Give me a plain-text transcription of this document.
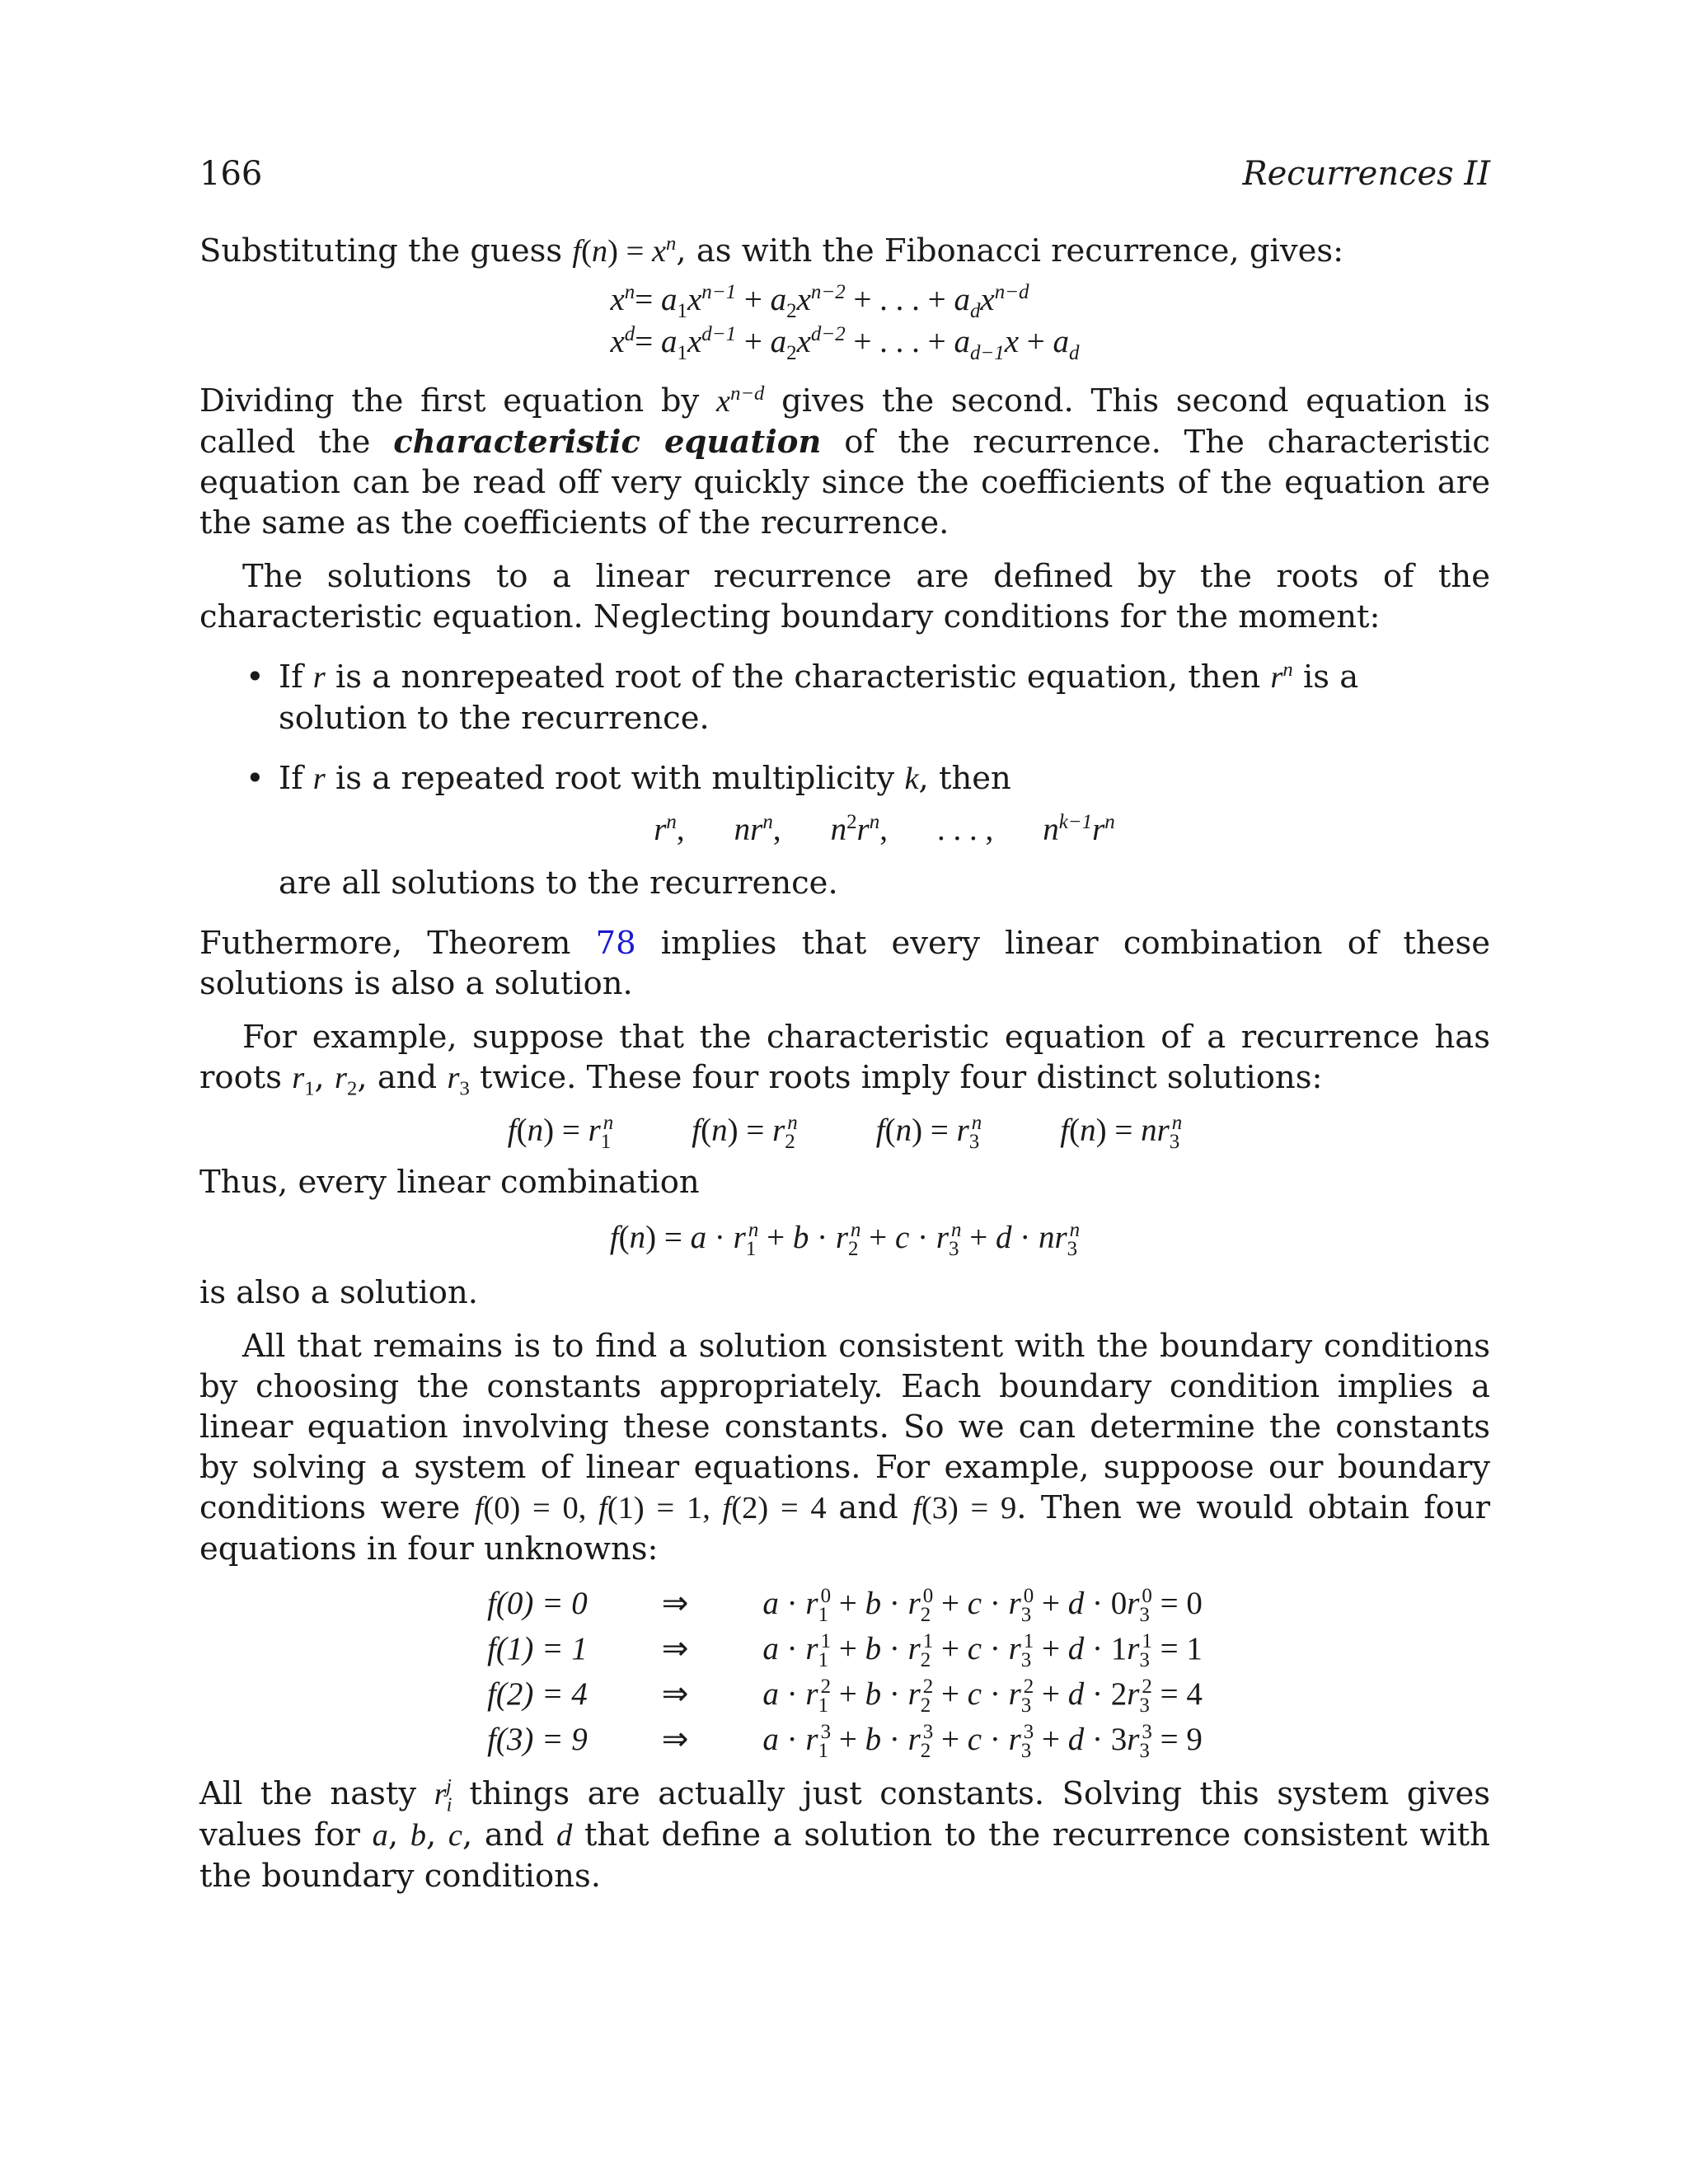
166	Recurrences II

Substituting the guess $f(n) = x^n$, as with the Fibonacci recurrence, gives:

$x^n$	= $a_1x^{n-1} + a_2x^{n-2}$ + . . . + $a_dx^{n-d}$
$x^d$	= $a_1x^{d-1} + a_2x^{d-2}$ + . . . + $a_{d-1}x + a_d$

Dividing the first equation by $x^{n-d}$ gives the second. This second equation is called the characteristic equation of the recurrence. The characteristic equation can be read off very quickly since the coefficients of the equation are the same as the coefficients of the recurrence.

The solutions to a linear recurrence are defined by the roots of the characteristic equation. Neglecting boundary conditions for the moment:

• If r is a nonrepeated root of the characteristic equation, then $r^n$ is a solution to the recurrence.
• If r is a repeated root with multiplicity k, then
$r^n$, $nr^n$, $n^2r^n$, . . . , $n^{k-1}r^n$
are all solutions to the recurrence.

Futhermore, Theorem 78 implies that every linear combination of these solutions is also a solution.

For example, suppose that the characteristic equation of a recurrence has roots $r_1$, $r_2$, and $r_3$ twice. These four roots imply four distinct solutions:

$f(n) = r_1^n$ $f(n) = r_2^n$ $f(n) = r_3^n$ $f(n) = nr_3^n$

Thus, every linear combination

$f(n) = a \cdot r_1^n + b \cdot r_2^n + c \cdot r_3^n + d \cdot nr_3^n$

is also a solution.

All that remains is to find a solution consistent with the boundary conditions by choosing the constants appropriately. Each boundary condition implies a linear equation involving these constants. So we can determine the constants by solving a system of linear equations. For example, suppoose our boundary conditions were f(0) = 0, f(1) = 1, f(2) = 4 and f(3) = 9. Then we would obtain four equations in four unknowns:

f(0) = 0	⇒	$a \cdot r_1^0 + b \cdot r_2^0 + c \cdot r_3^0 + d \cdot 0r_3^0 = 0$
f(1) = 1	⇒	$a \cdot r_1^1 + b \cdot r_2^1 + c \cdot r_3^1 + d \cdot 1r_3^1 = 1$
f(2) = 4	⇒	$a \cdot r_1^2 + b \cdot r_2^2 + c \cdot r_3^2 + d \cdot 2r_3^2 = 4$
f(3) = 9	⇒	$a \cdot r_1^3 + b \cdot r_2^3 + c \cdot r_3^3 + d \cdot 3r_3^3 = 9$

All the nasty $r_i^j$ things are actually just constants. Solving this system gives values for a, b, c, and d that define a solution to the recurrence consistent with the boundary conditions.
